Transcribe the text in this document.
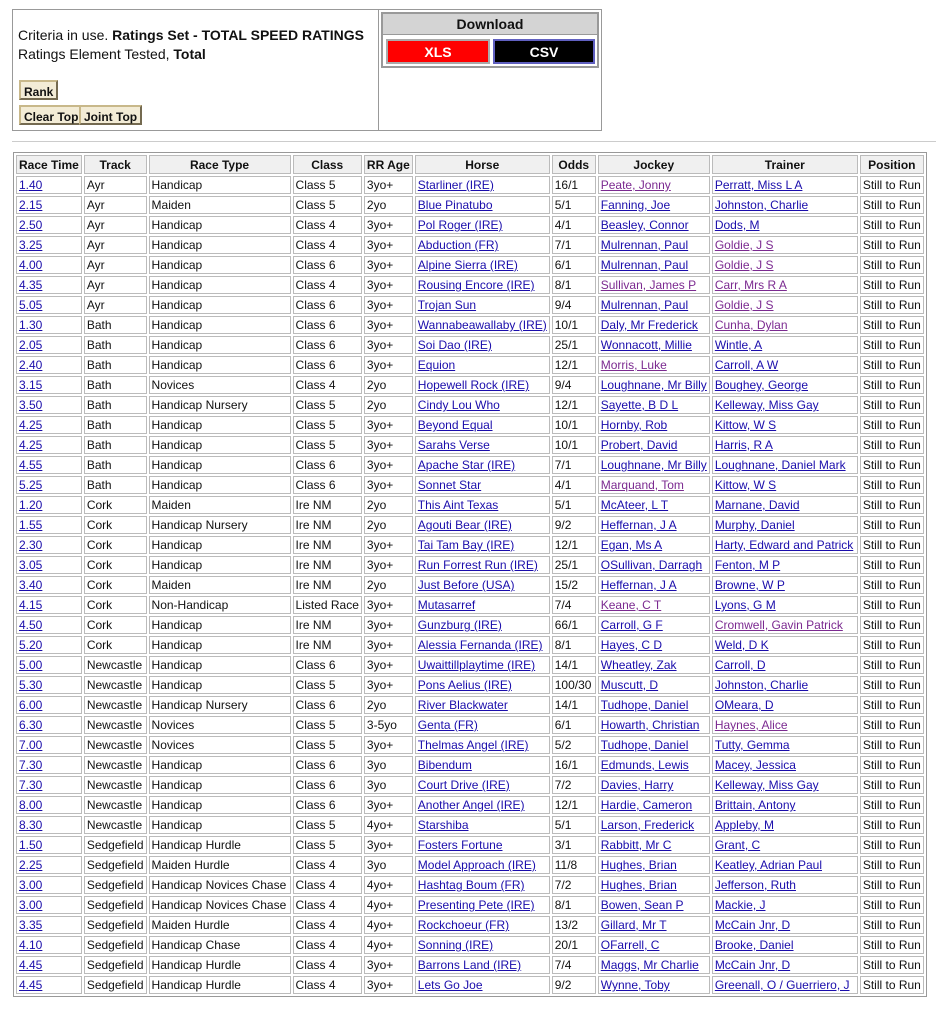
Criteria in use. Ratings Set - TOTAL SPEED RATINGS
Ratings Element Tested, Total
Rank
Clear Top Joint Top
Download
XLS	CSV
Race Time	Track	Race Type	Class	RR Age	Horse	Odds	Jockey	Trainer	Position
1.40	Ayr	Handicap	Class 5	3yo+	Starliner (IRE)	16/1	Peate, Jonny	Perratt, Miss L A	Still to Run
2.15	Ayr	Maiden	Class 5	2yo	Blue Pinatubo	5/1	Fanning, Joe	Johnston, Charlie	Still to Run
2.50	Ayr	Handicap	Class 4	3yo+	Pol Roger (IRE)	4/1	Beasley, Connor	Dods, M	Still to Run
3.25	Ayr	Handicap	Class 4	3yo+	Abduction (FR)	7/1	Mulrennan, Paul	Goldie, J S	Still to Run
4.00	Ayr	Handicap	Class 6	3yo+	Alpine Sierra (IRE)	6/1	Mulrennan, Paul	Goldie, J S	Still to Run
4.35	Ayr	Handicap	Class 4	3yo+	Rousing Encore (IRE)	8/1	Sullivan, James P	Carr, Mrs R A	Still to Run
5.05	Ayr	Handicap	Class 6	3yo+	Trojan Sun	9/4	Mulrennan, Paul	Goldie, J S	Still to Run
1.30	Bath	Handicap	Class 6	3yo+	Wannabeawallaby (IRE)	10/1	Daly, Mr Frederick	Cunha, Dylan	Still to Run
2.05	Bath	Handicap	Class 6	3yo+	Soi Dao (IRE)	25/1	Wonnacott, Millie	Wintle, A	Still to Run
2.40	Bath	Handicap	Class 6	3yo+	Equion	12/1	Morris, Luke	Carroll, A W	Still to Run
3.15	Bath	Novices	Class 4	2yo	Hopewell Rock (IRE)	9/4	Loughnane, Mr Billy	Boughey, George	Still to Run
3.50	Bath	Handicap Nursery	Class 5	2yo	Cindy Lou Who	12/1	Sayette, B D L	Kelleway, Miss Gay	Still to Run
4.25	Bath	Handicap	Class 5	3yo+	Beyond Equal	10/1	Hornby, Rob	Kittow, W S	Still to Run
4.25	Bath	Handicap	Class 5	3yo+	Sarahs Verse	10/1	Probert, David	Harris, R A	Still to Run
4.55	Bath	Handicap	Class 6	3yo+	Apache Star (IRE)	7/1	Loughnane, Mr Billy	Loughnane, Daniel Mark	Still to Run
5.25	Bath	Handicap	Class 6	3yo+	Sonnet Star	4/1	Marquand, Tom	Kittow, W S	Still to Run
1.20	Cork	Maiden	Ire NM	2yo	This Aint Texas	5/1	McAteer, L T	Marnane, David	Still to Run
1.55	Cork	Handicap Nursery	Ire NM	2yo	Agouti Bear (IRE)	9/2	Heffernan, J A	Murphy, Daniel	Still to Run
2.30	Cork	Handicap	Ire NM	3yo+	Tai Tam Bay (IRE)	12/1	Egan, Ms A	Harty, Edward and Patrick	Still to Run
3.05	Cork	Handicap	Ire NM	3yo+	Run Forrest Run (IRE)	25/1	OSullivan, Darragh	Fenton, M P	Still to Run
3.40	Cork	Maiden	Ire NM	2yo	Just Before (USA)	15/2	Heffernan, J A	Browne, W P	Still to Run
4.15	Cork	Non-Handicap	Listed Race	3yo+	Mutasarref	7/4	Keane, C T	Lyons, G M	Still to Run
4.50	Cork	Handicap	Ire NM	3yo+	Gunzburg (IRE)	66/1	Carroll, G F	Cromwell, Gavin Patrick	Still to Run
5.20	Cork	Handicap	Ire NM	3yo+	Alessia Fernanda (IRE)	8/1	Hayes, C D	Weld, D K	Still to Run
5.00	Newcastle	Handicap	Class 6	3yo+	Uwaittillplaytime (IRE)	14/1	Wheatley, Zak	Carroll, D	Still to Run
5.30	Newcastle	Handicap	Class 5	3yo+	Pons Aelius (IRE)	100/30	Muscutt, D	Johnston, Charlie	Still to Run
6.00	Newcastle	Handicap Nursery	Class 6	2yo	River Blackwater	14/1	Tudhope, Daniel	OMeara, D	Still to Run
6.30	Newcastle	Novices	Class 5	3-5yo	Genta (FR)	6/1	Howarth, Christian	Haynes, Alice	Still to Run
7.00	Newcastle	Novices	Class 5	3yo+	Thelmas Angel (IRE)	5/2	Tudhope, Daniel	Tutty, Gemma	Still to Run
7.30	Newcastle	Handicap	Class 6	3yo	Bibendum	16/1	Edmunds, Lewis	Macey, Jessica	Still to Run
7.30	Newcastle	Handicap	Class 6	3yo	Court Drive (IRE)	7/2	Davies, Harry	Kelleway, Miss Gay	Still to Run
8.00	Newcastle	Handicap	Class 6	3yo+	Another Angel (IRE)	12/1	Hardie, Cameron	Brittain, Antony	Still to Run
8.30	Newcastle	Handicap	Class 5	4yo+	Starshiba	5/1	Larson, Frederick	Appleby, M	Still to Run
1.50	Sedgefield	Handicap Hurdle	Class 5	3yo+	Fosters Fortune	3/1	Rabbitt, Mr C	Grant, C	Still to Run
2.25	Sedgefield	Maiden Hurdle	Class 4	3yo	Model Approach (IRE)	11/8	Hughes, Brian	Keatley, Adrian Paul	Still to Run
3.00	Sedgefield	Handicap Novices Chase	Class 4	4yo+	Hashtag Boum (FR)	7/2	Hughes, Brian	Jefferson, Ruth	Still to Run
3.00	Sedgefield	Handicap Novices Chase	Class 4	4yo+	Presenting Pete (IRE)	8/1	Bowen, Sean P	Mackie, J	Still to Run
3.35	Sedgefield	Maiden Hurdle	Class 4	4yo+	Rockchoeur (FR)	13/2	Gillard, Mr T	McCain Jnr, D	Still to Run
4.10	Sedgefield	Handicap Chase	Class 4	4yo+	Sonning (IRE)	20/1	OFarrell, C	Brooke, Daniel	Still to Run
4.45	Sedgefield	Handicap Hurdle	Class 4	3yo+	Barrons Land (IRE)	7/4	Maggs, Mr Charlie	McCain Jnr, D	Still to Run
4.45	Sedgefield	Handicap Hurdle	Class 4	3yo+	Lets Go Joe	9/2	Wynne, Toby	Greenall, O / Guerriero, J	Still to Run
